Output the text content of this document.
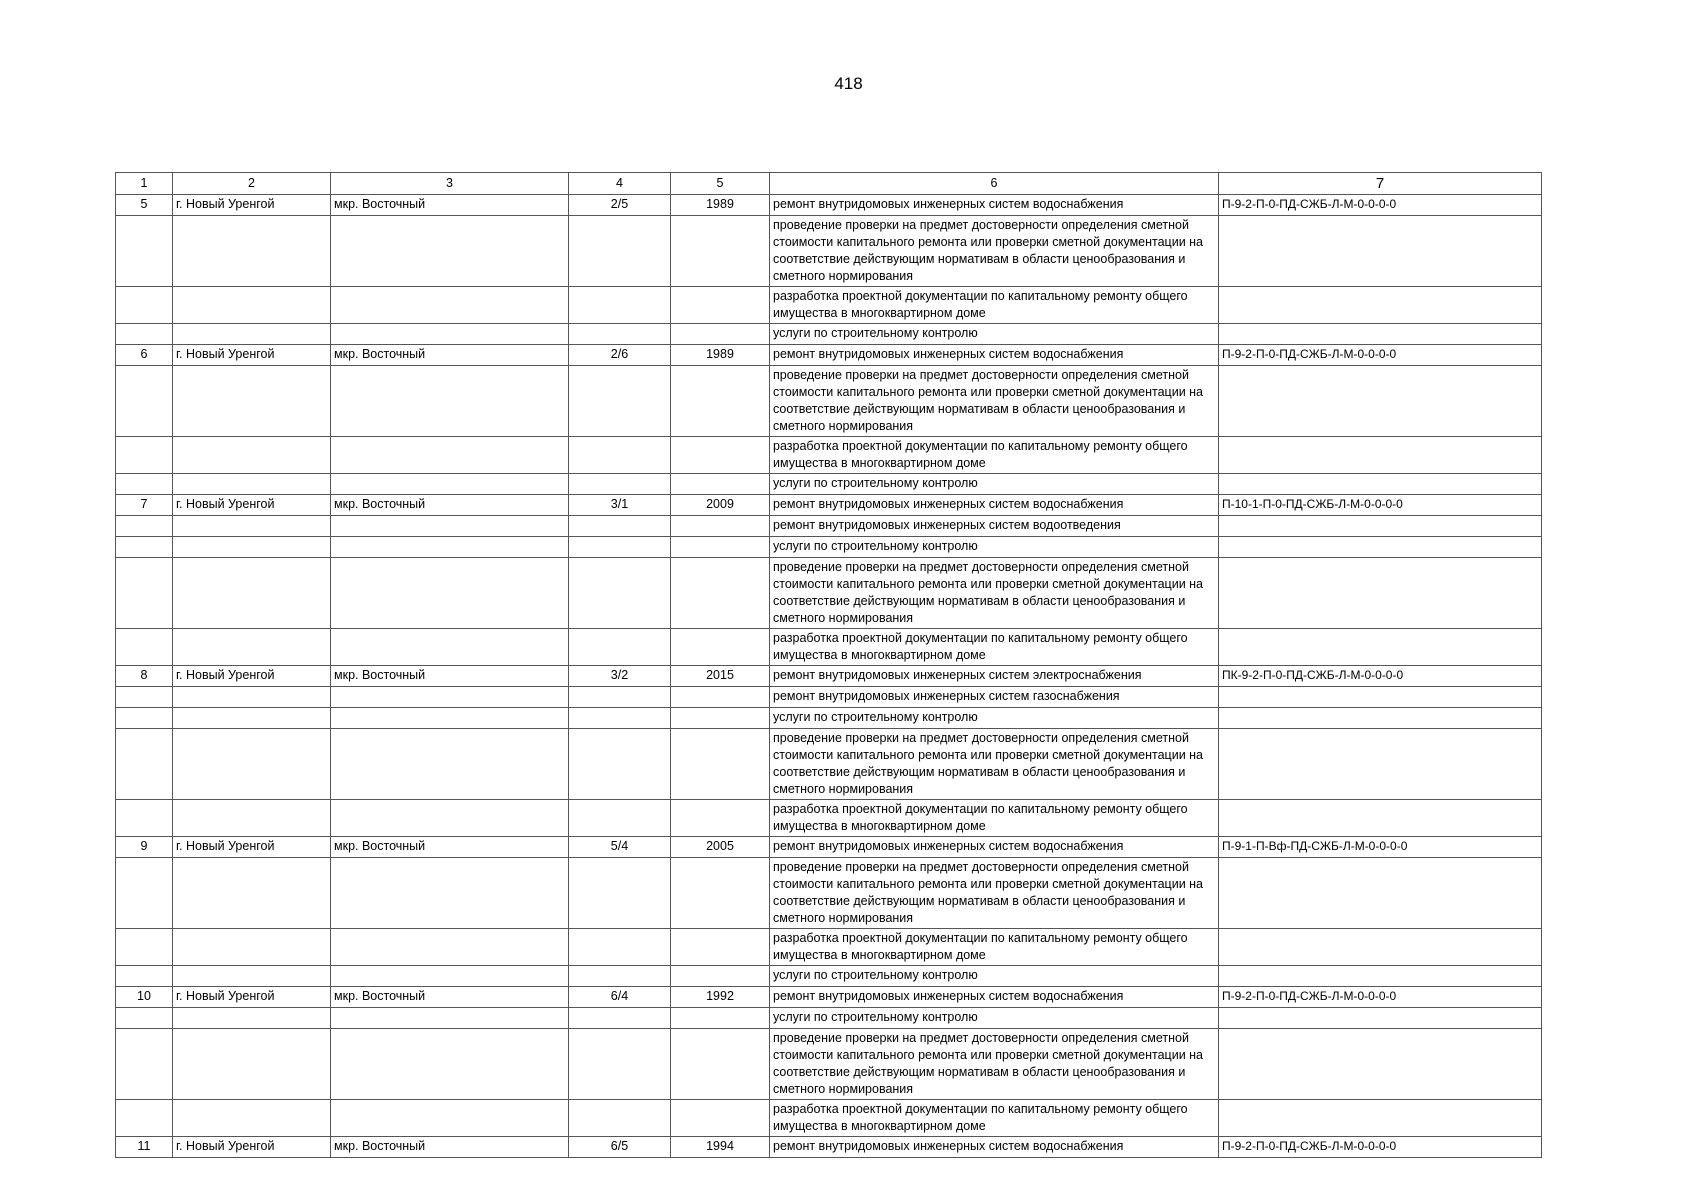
418
1	2	3	4	5	6	7
5	г. Новый Уренгой	мкр. Восточный	2/5	1989	ремонт внутридомовых инженерных систем водоснабжения	П-9-2-П-0-ПД-СЖБ-Л-М-0-0-0-0
					проведение проверки на предмет достоверности определения сметной стоимости капитального ремонта или проверки сметной документации на соответствие действующим нормативам в области ценообразования и сметного нормирования	
					разработка проектной документации по капитальному ремонту общего имущества в многоквартирном доме	
					услуги по строительному контролю	
6	г. Новый Уренгой	мкр. Восточный	2/6	1989	ремонт внутридомовых инженерных систем водоснабжения	П-9-2-П-0-ПД-СЖБ-Л-М-0-0-0-0
					проведение проверки на предмет достоверности определения сметной стоимости капитального ремонта или проверки сметной документации на соответствие действующим нормативам в области ценообразования и сметного нормирования	
					разработка проектной документации по капитальному ремонту общего имущества в многоквартирном доме	
					услуги по строительному контролю	
7	г. Новый Уренгой	мкр. Восточный	3/1	2009	ремонт внутридомовых инженерных систем водоснабжения	П-10-1-П-0-ПД-СЖБ-Л-М-0-0-0-0
					ремонт внутридомовых инженерных систем водоотведения	
					услуги по строительному контролю	
					проведение проверки на предмет достоверности определения сметной стоимости капитального ремонта или проверки сметной документации на соответствие действующим нормативам в области ценообразования и сметного нормирования	
					разработка проектной документации по капитальному ремонту общего имущества в многоквартирном доме	
8	г. Новый Уренгой	мкр. Восточный	3/2	2015	ремонт внутридомовых инженерных систем электроснабжения	ПК-9-2-П-0-ПД-СЖБ-Л-М-0-0-0-0
					ремонт внутридомовых инженерных систем газоснабжения	
					услуги по строительному контролю	
					проведение проверки на предмет достоверности определения сметной стоимости капитального ремонта или проверки сметной документации на соответствие действующим нормативам в области ценообразования и сметного нормирования	
					разработка проектной документации по капитальному ремонту общего имущества в многоквартирном доме	
9	г. Новый Уренгой	мкр. Восточный	5/4	2005	ремонт внутридомовых инженерных систем водоснабжения	П-9-1-П-Вф-ПД-СЖБ-Л-М-0-0-0-0
					проведение проверки на предмет достоверности определения сметной стоимости капитального ремонта или проверки сметной документации на соответствие действующим нормативам в области ценообразования и сметного нормирования	
					разработка проектной документации по капитальному ремонту общего имущества в многоквартирном доме	
					услуги по строительному контролю	
10	г. Новый Уренгой	мкр. Восточный	6/4	1992	ремонт внутридомовых инженерных систем водоснабжения	П-9-2-П-0-ПД-СЖБ-Л-М-0-0-0-0
					услуги по строительному контролю	
					проведение проверки на предмет достоверности определения сметной стоимости капитального ремонта или проверки сметной документации на соответствие действующим нормативам в области ценообразования и сметного нормирования	
					разработка проектной документации по капитальному ремонту общего имущества в многоквартирном доме	
11	г. Новый Уренгой	мкр. Восточный	6/5	1994	ремонт внутридомовых инженерных систем водоснабжения	П-9-2-П-0-ПД-СЖБ-Л-М-0-0-0-0
